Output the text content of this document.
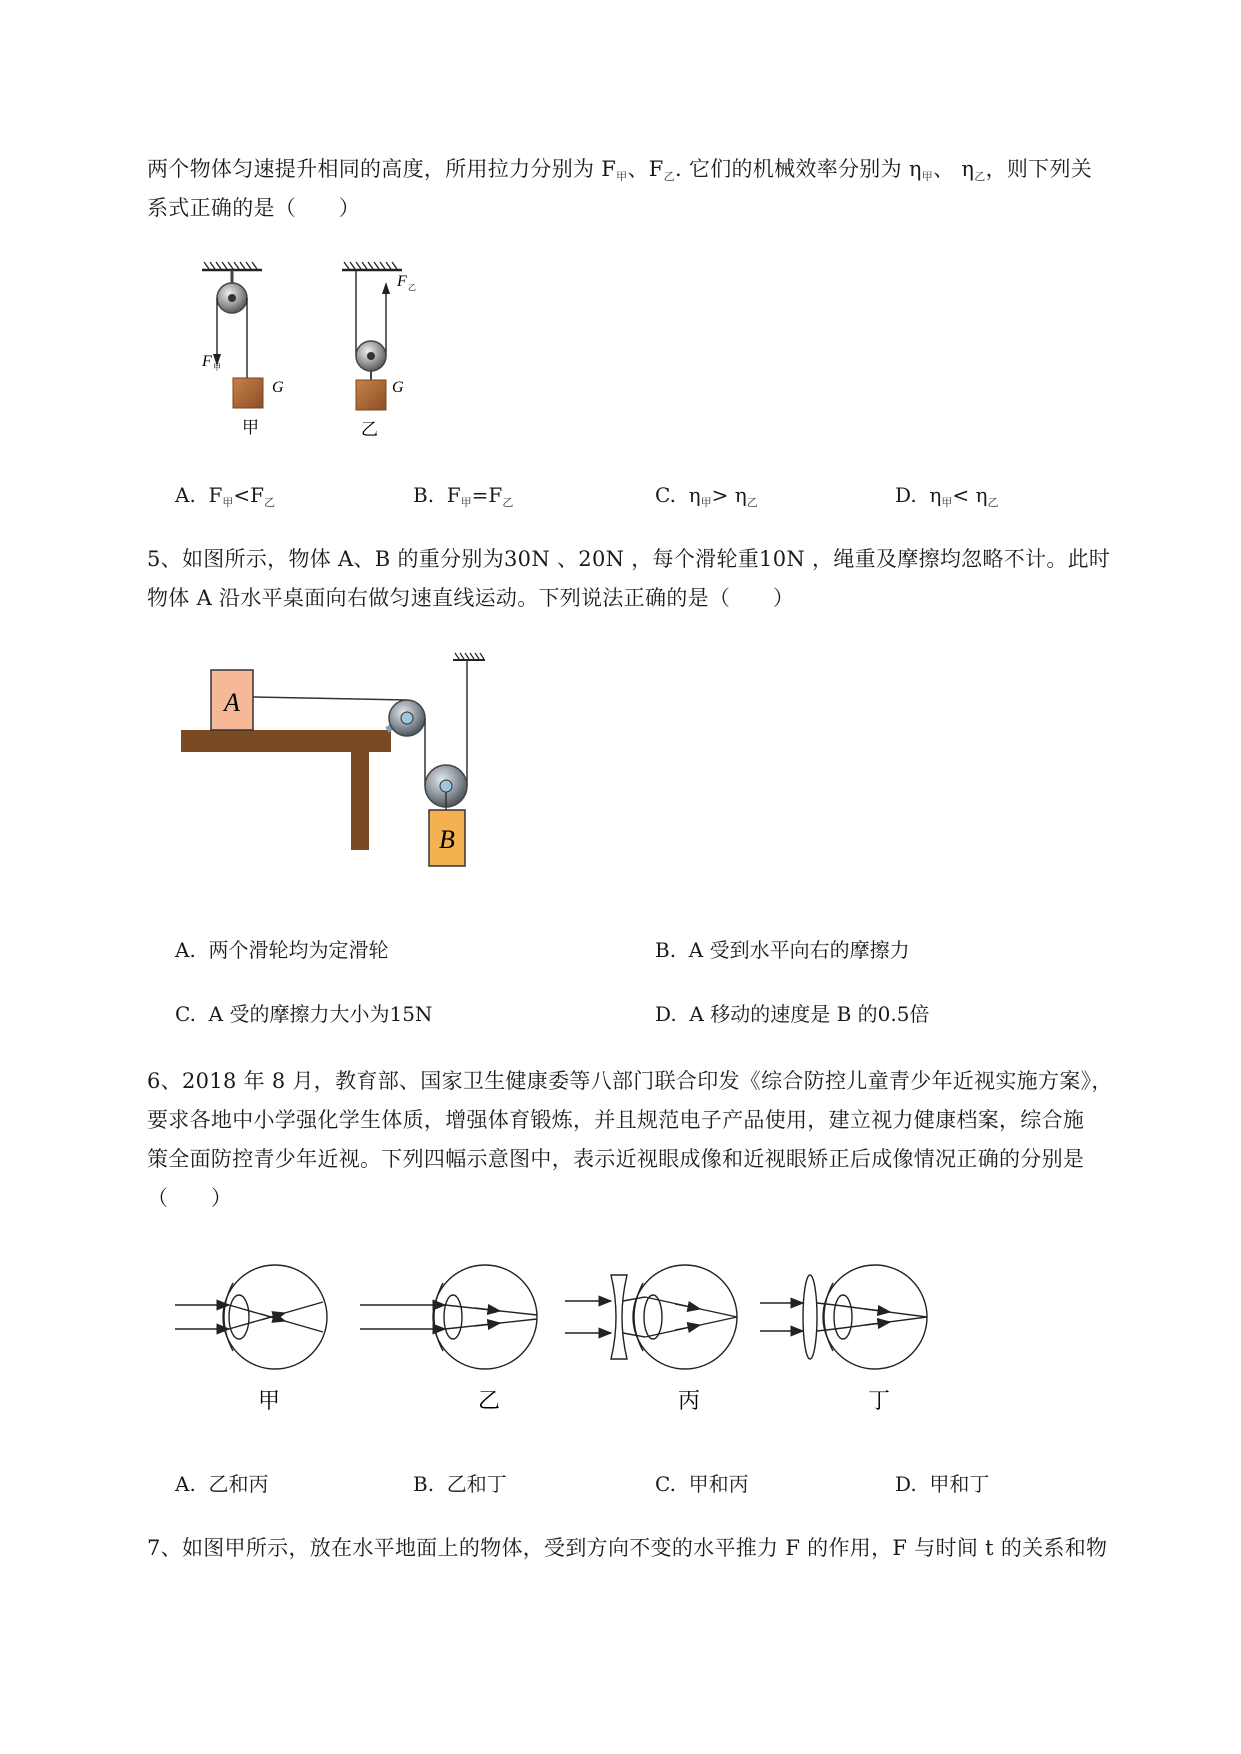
两个物体匀速提升相同的高度，所用拉力分别为 $F_甲$、$F_乙$. 它们的机械效率分别为 $\eta_甲$、 $\eta_乙$，则下列关
系式正确的是（　　）
F 甲
G
甲
F 乙
G
乙
A. $F_甲<F_乙$	B. $F_甲=F_乙$	C. $\eta_甲> \eta_乙$	D. $\eta_甲< \eta_乙$
5、如图所示，物体 A、B 的重分别为30N 、20N ，每个滑轮重10N ，绳重及摩擦均忽略不计。此时
物体 A 沿水平桌面向右做匀速直线运动。下列说法正确的是（　　）
A
B
A. 两个滑轮均为定滑轮	B. A 受到水平向右的摩擦力
C. A 受的摩擦力大小为15N	D. A 移动的速度是 B 的0.5倍
6、2018 年 8 月，教育部、国家卫生健康委等八部门联合印发《综合防控儿童青少年近视实施方案》，
要求各地中小学强化学生体质，增强体育锻炼，并且规范电子产品使用，建立视力健康档案，综合施
策全面防控青少年近视。下列四幅示意图中，表示近视眼成像和近视眼矫正后成像情况正确的分别是
（　　）
甲	乙	丙	丁
A. 乙和丙	B. 乙和丁	C. 甲和丙	D. 甲和丁
7、如图甲所示，放在水平地面上的物体，受到方向不变的水平推力 F 的作用，F 与时间 t 的关系和物
